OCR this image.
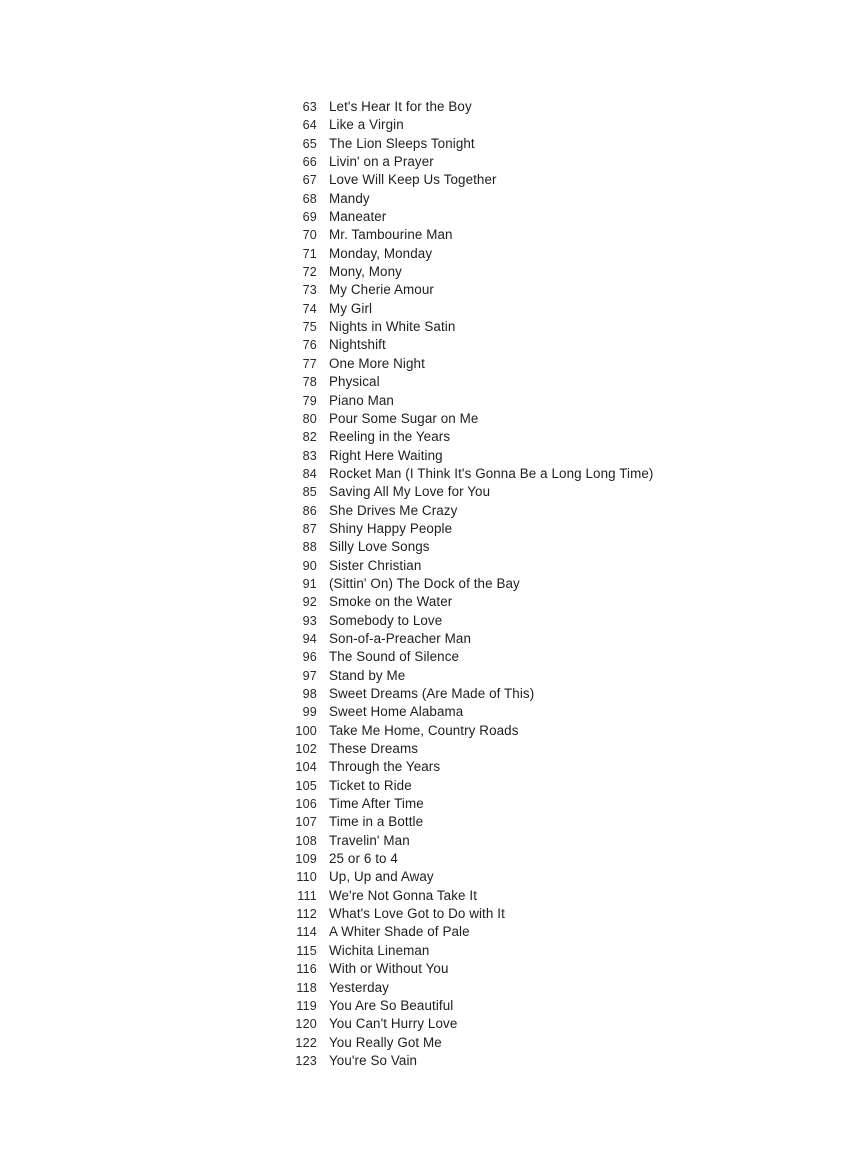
63 Let's Hear It for the Boy
64 Like a Virgin
65 The Lion Sleeps Tonight
66 Livin' on a Prayer
67 Love Will Keep Us Together
68 Mandy
69 Maneater
70 Mr. Tambourine Man
71 Monday, Monday
72 Mony, Mony
73 My Cherie Amour
74 My Girl
75 Nights in White Satin
76 Nightshift
77 One More Night
78 Physical
79 Piano Man
80 Pour Some Sugar on Me
82 Reeling in the Years
83 Right Here Waiting
84 Rocket Man (I Think It's Gonna Be a Long Long Time)
85 Saving All My Love for You
86 She Drives Me Crazy
87 Shiny Happy People
88 Silly Love Songs
90 Sister Christian
91 (Sittin' On) The Dock of the Bay
92 Smoke on the Water
93 Somebody to Love
94 Son-of-a-Preacher Man
96 The Sound of Silence
97 Stand by Me
98 Sweet Dreams (Are Made of This)
99 Sweet Home Alabama
100 Take Me Home, Country Roads
102 These Dreams
104 Through the Years
105 Ticket to Ride
106 Time After Time
107 Time in a Bottle
108 Travelin' Man
109 25 or 6 to 4
110 Up, Up and Away
111 We're Not Gonna Take It
112 What's Love Got to Do with It
114 A Whiter Shade of Pale
115 Wichita Lineman
116 With or Without You
118 Yesterday
119 You Are So Beautiful
120 You Can't Hurry Love
122 You Really Got Me
123 You're So Vain
